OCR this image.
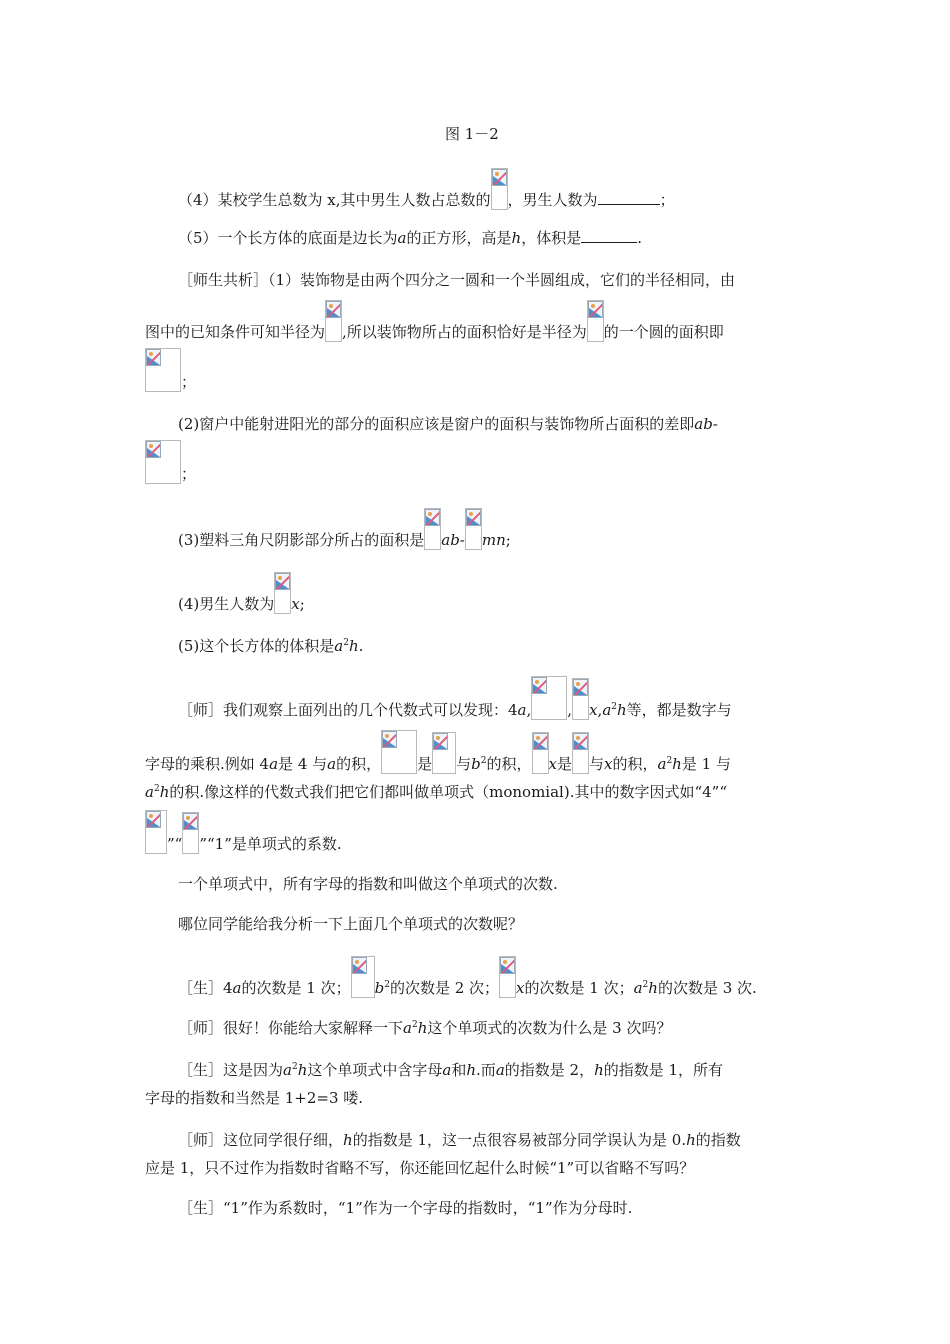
图 1－2
（4）某校学生总数为 x,其中男生人数占总数的 ，男生人数为	；
（5）一个长方体的底面是边长为a的正方形，高是h，体积是	.
［师生共析］（1）装饰物是由两个四分之一圆和一个半圆组成，它们的半径相同，由
图中的已知条件可知半径为 ,所以装饰物所占的面积恰好是半径为 的一个圆的面积即
；
(2)窗户中能射进阳光的部分的面积应该是窗户的面积与装饰物所占面积的差即ab-
；
(3)塑料三角尺阴影部分所占的面积是 ab- mn;
(4)男生人数为 x;
(5)这个长方体的体积是$a^2h$.
［师］我们观察上面列出的几个代数式可以发现：4a, , $x,a^2h$等，都是数字与
字母的乘积.例如 4a是 4 与a的积， 是 与$b^2$的积， x是 与x的积，$a^2h$是 1 与
$a^2h$的积.像这样的代数式我们把它们都叫做单项式（monomial).其中的数字因式如“4”“
”“ ”“1”是单项式的系数.
一个单项式中，所有字母的指数和叫做这个单项式的次数.
哪位同学能给我分析一下上面几个单项式的次数呢？
［生］4a的次数是 1 次； $b^2$的次数是 2 次； x的次数是 1 次；$a^2h$的次数是 3 次.
［师］很好！你能给大家解释一下$a^2h$这个单项式的次数为什么是 3 次吗？
［生］这是因为$a^2h$这个单项式中含字母a和h.而a的指数是 2，h的指数是 1，所有
字母的指数和当然是 1+2=3 喽.
［师］这位同学很仔细，h的指数是 1，这一点很容易被部分同学误认为是 0.h的指数
应是 1，只不过作为指数时省略不写，你还能回忆起什么时候“1”可以省略不写吗？
［生］“1”作为系数时，“1”作为一个字母的指数时，“1”作为分母时.
